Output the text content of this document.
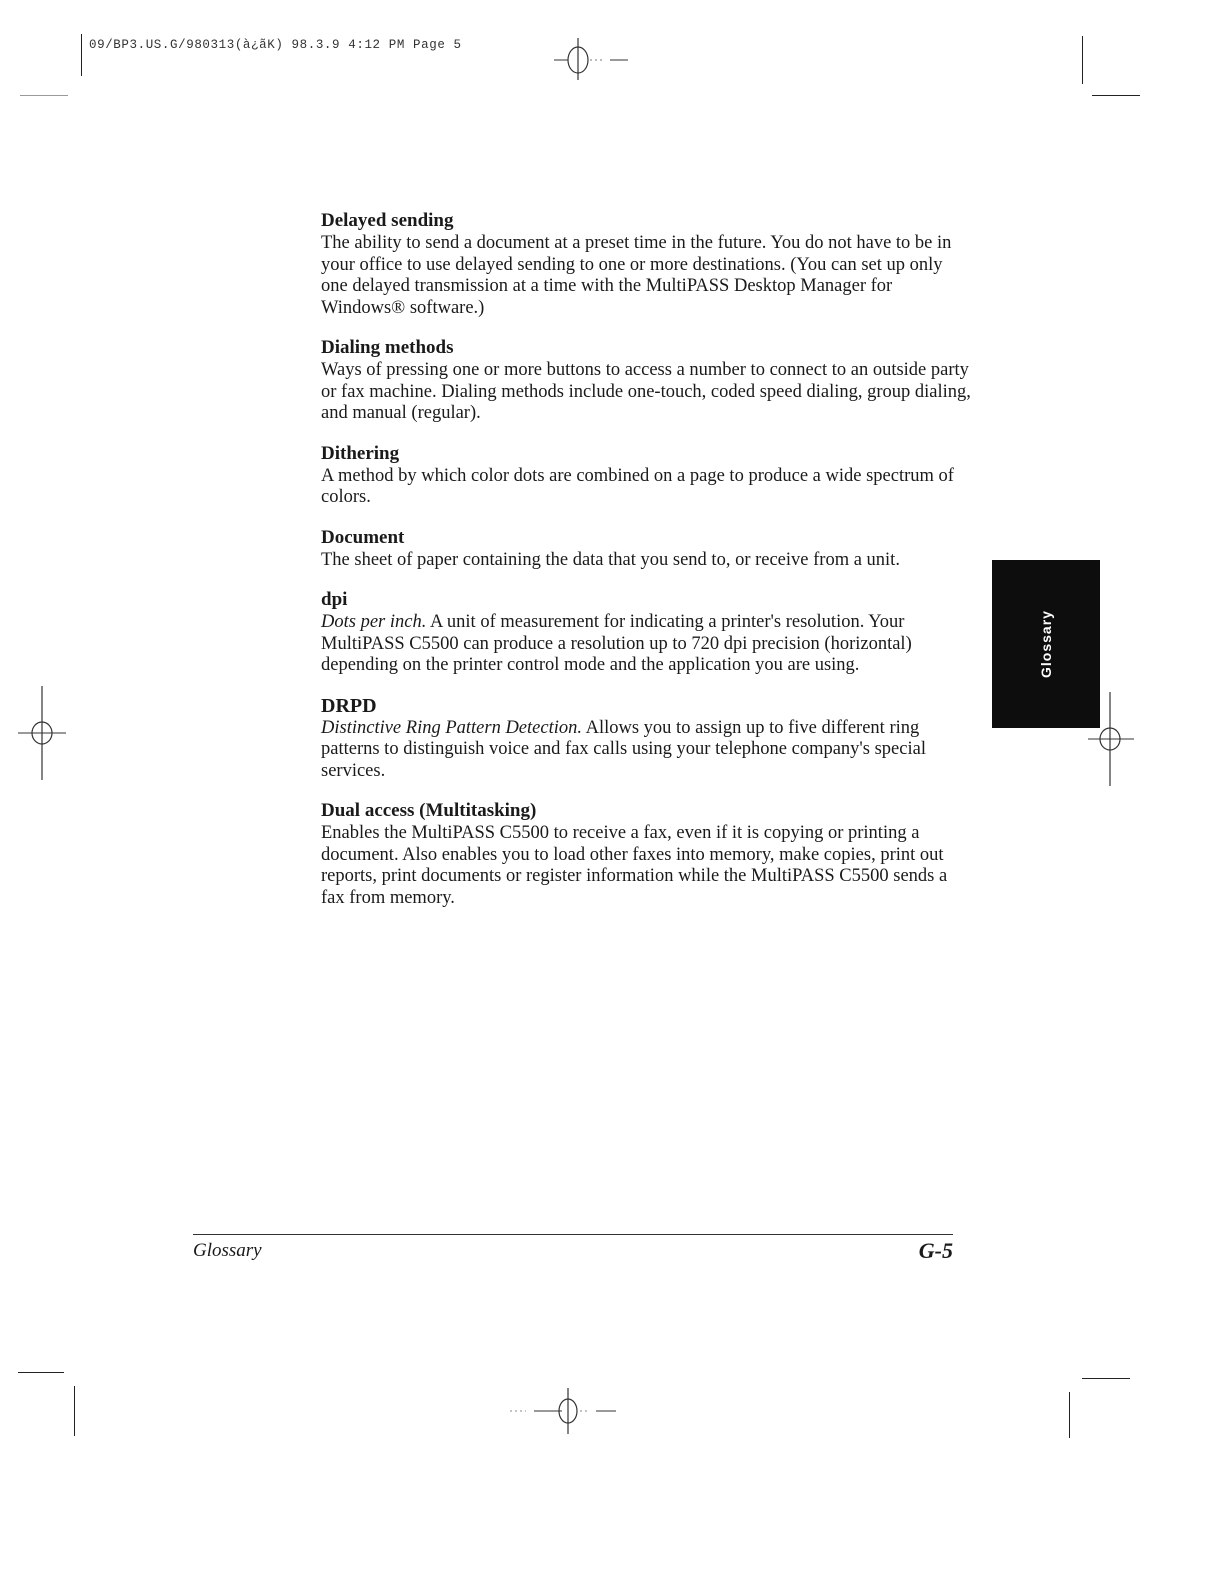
09/BP3.US.G/980313(à¿ãK) 98.3.9 4:12 PM Page 5
Glossary
Delayed sending
The ability to send a document at a preset time in the future. You do not have to be in your office to use delayed sending to one or more destinations. (You can set up only one delayed transmission at a time with the MultiPASS Desktop Manager for Windows® software.)
Dialing methods
Ways of pressing one or more buttons to access a number to connect to an outside party or fax machine. Dialing methods include one-touch, coded speed dialing, group dialing, and manual (regular).
Dithering
A method by which color dots are combined on a page to produce a wide spectrum of colors.
Document
The sheet of paper containing the data that you send to, or receive from a unit.
dpi
Dots per inch. A unit of measurement for indicating a printer's resolution. Your MultiPASS C5500 can produce a resolution up to 720 dpi precision (horizontal) depending on the printer control mode and the application you are using.
DRPD
Distinctive Ring Pattern Detection. Allows you to assign up to five different ring patterns to distinguish voice and fax calls using your telephone company's special services.
Dual access (Multitasking)
Enables the MultiPASS C5500 to receive a fax, even if it is copying or printing a document. Also enables you to load other faxes into memory, make copies, print out reports, print documents or register information while the MultiPASS C5500 sends a fax from memory.
Glossary	G-5
